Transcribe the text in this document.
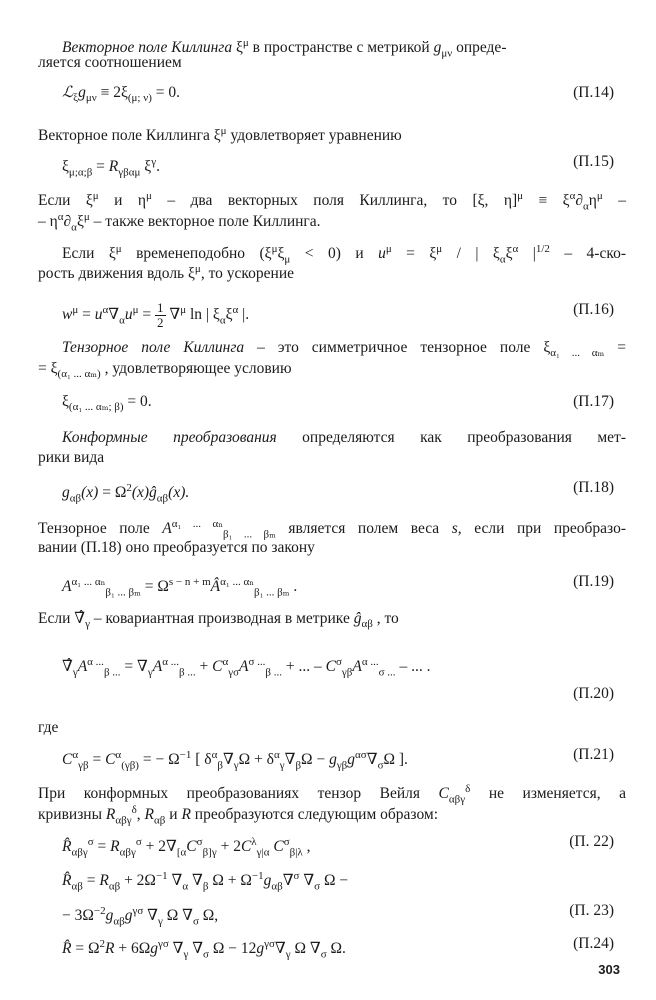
Векторное поле Киллинга $\xi^\mu$ в пространстве с метрикой $g_{\mu\nu}$ опреде-
ляется соотношением
$ℒ_\xi g_{\mu\nu} \equiv 2\xi_{(\mu; \nu)} = 0$.
Векторное поле Киллинга $\xi^\mu$ удовлетворяет уравнению
$\xi_{\mu;\alpha;\beta} = R_{\gamma\beta\alpha\mu}$ $\xi^\gamma$.
Если $\xi^\mu$ и $\eta^\mu$ – два векторных поля Киллинга, то [ξ, $\eta]^\mu \equiv \xi^\alpha\partial_\alpha\eta^\mu$ –
– $\eta^\alpha\partial_\alpha\xi^\mu$ – также векторное поле Киллинга.
Если $\xi^\mu$ временеподобно $(\xi^\mu\xi_\mu < 0)$ и $u^\mu = \xi^\mu$ / | $\xi_\alpha\xi^\alpha$ $|^{1/2} - 4-ско-$
рость движения вдоль $\xi^\mu$, то ускорение
$w^\mu = u^\alpha\nabla_\alpha u^\mu = \frac{1}{2} \nabla^\mu$ ln | $\xi_\alpha\xi^\alpha$ |.
Тензорное поле Киллинга – это симметричное тензорное поле $\xi_{\alpha_1 ... \alpha_m}$ =
= $\xi_{(\alpha_1 ... \alpha_m)}$ , удовлетворяющее условию
$\xi_{(\alpha_1 ... \alpha_m; \beta)} = 0$.
Конформные преобразования определяются как преобразования мет-
рики вида
$g_{\alpha\beta}(x)$ = $\Omega^2(x)ĝ_{\alpha\beta}(x)$.
Тензорное поле $A^{\alpha_1 ... \alpha_n}_{\beta_1 ... \beta_m}$ является полем веса s, если при преобразо-
вании (П.18) оно преобразуется по закону
$A^{\alpha_1 ... \alpha_n}_{\beta_1 ... \beta_m}$ = $\Omega^{s - n + m}Â^{\alpha_1 ... \alpha_n}_{\beta_1 ... \beta_m}$ .
Если $\nablâ_\gamma$ – ковариантная производная в метрике $ĝ_{\alpha\beta}$ , то
$\nablâ_\gamma A^{\alpha ...}_{\beta ...} = \nabla_\gamma A^{\alpha ...}_{\beta ...} + C^\alpha_{\gamma\sigma}A^{\sigma ...}_{\beta ...}$ + ... – $C^\sigma_{\gamma\beta}A^{\alpha ...}_{\sigma ...}$ – ... .
где
$C^\alpha_{\gamma\beta} = C^\alpha_{(\gamma\beta)}$ = − $\Omega^{-1}$ [ $\delta^\alpha_\beta\nabla_\gamma\Omega + \delta^\alpha_\gamma\nabla_\beta\Omega - g_{\gamma\beta}g^{\alpha\sigma}\nabla_\sigma\Omega$ ].
При конформных преобразованиях тензор Вейля $C_{\alpha\beta\gamma}^\delta$ не изменяется, а
кривизны $R_{\alpha\beta\gamma}^\delta$, $R_{\alpha\beta}$ и R преобразуются следующим образом:
$R̂_{\alpha\beta\gamma}^\sigma = R_{\alpha\beta\gamma}^\sigma + 2\nabla_{[\alpha}C^\sigma_{\beta]\gamma} + 2C^\lambda_{\gamma|\alpha}$ $C^\sigma_{\beta|\lambda}$ ,
$R̂_{\alpha\beta} = R_{\alpha\beta} + 2\Omega^{-1}$ $\nabla_\alpha$ $\nabla_\beta$ $\Omega + \Omega^{-1}g_{\alpha\beta}\nabla^\sigma$ $\nabla_\sigma$ Ω −
− $3\Omega^{-2}g_{\alpha\beta}g^{\gamma\sigma}$ $\nabla_\gamma$ Ω $\nabla_\sigma$ Ω,
R̂ = $\Omega^2R + 6\Omega g^{\gamma\sigma}$ $\nabla_\gamma$ $\nabla_\sigma$ $\Omega - 12g^{\gamma\sigma}\nabla_\gamma$ Ω $\nabla_\sigma$ Ω.
(П.14)
(П.15)
(П.16)
(П.17)
(П.18)
(П.19)
(П.20)
(П.21)
(П. 22)
(П. 23)
(П.24)
303
